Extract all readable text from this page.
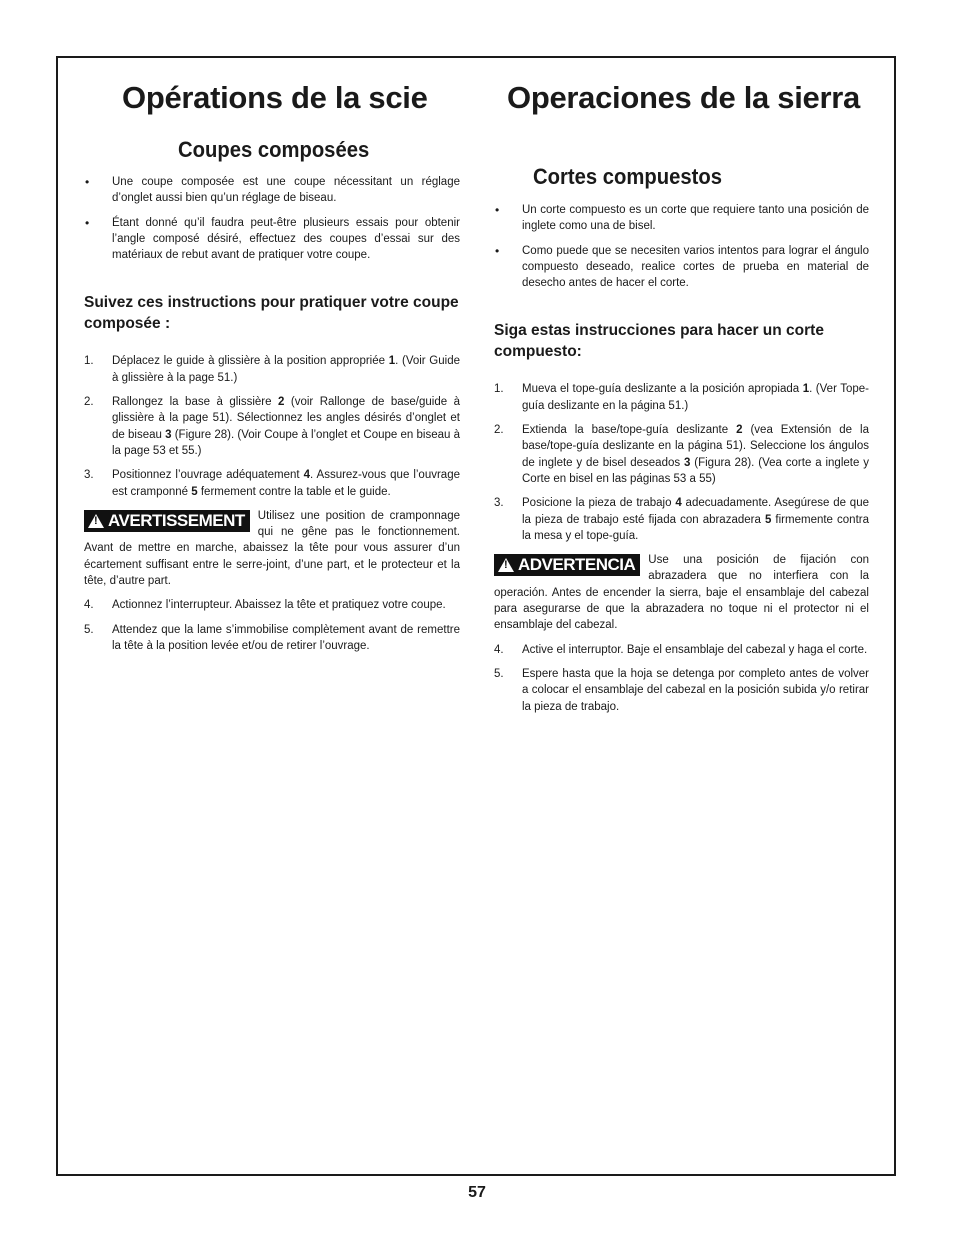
Opérations de la scie	Operaciones de la sierra
Coupes composées
Cortes compuestos
• Une coupe composée est une coupe nécessitant un réglage d’onglet aussi bien qu’un réglage de biseau.
• Étant donné qu’il faudra peut-être plusieurs essais pour obtenir l’angle composé désiré, effectuez des coupes d’essai sur des matériaux de rebut avant de pratiquer votre coupe.

Suivez ces instructions pour pratiquer votre coupe composée :

1. Déplacez le guide à glissière à la position appropriée 1. (Voir Guide à glissière à la page 51.)
2. Rallongez la base à glissière 2 (voir Rallonge de base/guide à glissière à la page 51). Sélectionnez les angles désirés d’onglet et de biseau 3 (Figure 28). (Voir Coupe à l’onglet et Coupe en biseau à la page 53 et 55.)
3. Positionnez l’ouvrage adéquatement 4. Assurez-vous que l’ouvrage est cramponné 5 fermement contre la table et le guide.

!
AVERTISSEMENT Utilisez une position de cramponnage qui ne gêne pas le fonctionnement. Avant de mettre en marche, abaissez la tête pour vous assurer d’un écartement suffisant entre le serre-joint, d’une part, et le protecteur et la tête, d’autre part.

4. Actionnez l’interrupteur. Abaissez la tête et pratiquez votre coupe.
5. Attendez que la lame s’immobilise complètement avant de remettre la tête à la position levée et/ou de retirer l’ouvrage.
• Un corte compuesto es un corte que requiere tanto una posición de inglete como una de bisel.
• Como puede que se necesiten varios intentos para lograr el ángulo compuesto deseado, realice cortes de prueba en material de desecho antes de hacer el corte.

Siga estas instrucciones para hacer un corte compuesto:

1. Mueva el tope-guía deslizante a la posición apropiada 1. (Ver Tope-guía deslizante en la página 51.)
2. Extienda la base/tope-guía deslizante 2 (vea Extensión de la base/tope-guía deslizante en la página 51). Seleccione los ángulos de inglete y de bisel deseados 3 (Figura 28). (Vea corte a inglete y Corte en bisel en las páginas 53 a 55)
3. Posicione la pieza de trabajo 4 adecuadamente. Asegúrese de que la pieza de trabajo esté fijada con abrazadera 5 firmemente contra la mesa y el tope-guía.

!
ADVERTENCIA Use una posición de fijación con abrazadera que no interfiera con la operación. Antes de encender la sierra, baje el ensamblaje del cabezal para asegurarse de que la abrazadera no toque ni el protector ni el ensamblaje del cabezal.

4. Active el interruptor. Baje el ensamblaje del cabezal y haga el corte.
5. Espere hasta que la hoja se detenga por completo antes de volver a colocar el ensamblaje del cabezal en la posición subida y/o retirar la pieza de trabajo.
57
